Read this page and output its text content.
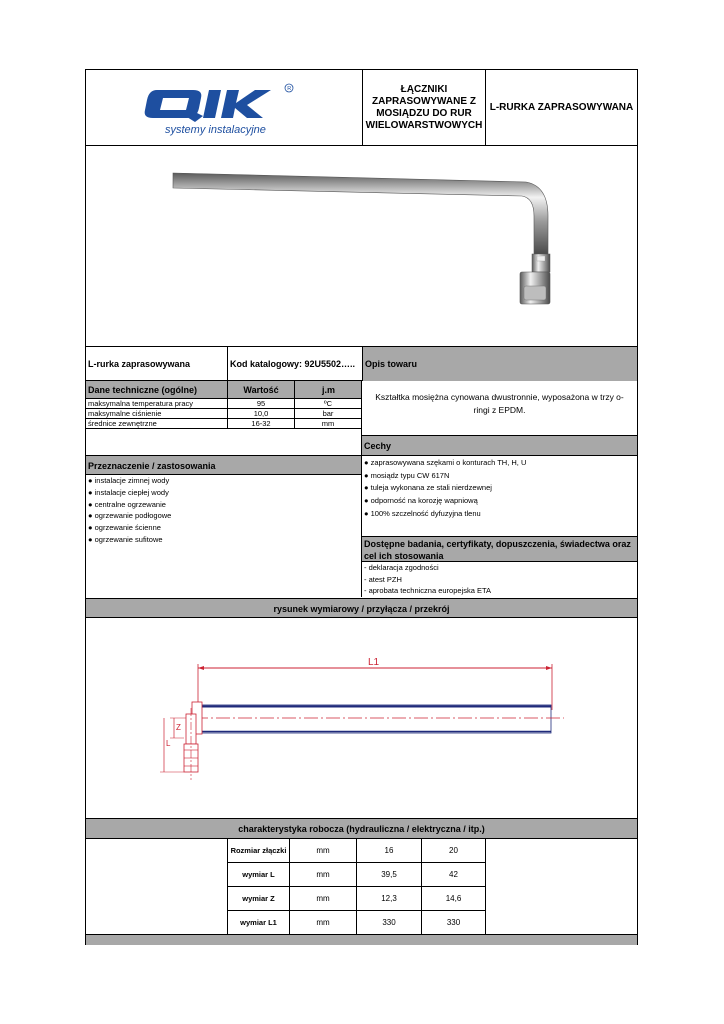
R
systemy instalacyjne
ŁĄCZNIKI ZAPRASOWYWANE Z MOSIĄDZU DO RUR WIELOWARSTWOWYCH
L-RURKA ZAPRASOWYWANA
L-rurka zaprasowywana	Kod katalogowy: 92U5502…..	Opis towaru
Dane techniczne (ogólne)	Wartość	j.m
maksymalna temperatura pracy	95	ºC
maksymalne ciśnienie	10,0	bar
średnice zewnętrzne	16-32	mm
Kształtka mosiężna cynowana dwustronnie, wyposażona w trzy o-ringi z EPDM.
Cechy
● zaprasowywana szękami o konturach TH, H, U
● mosiądz typu CW 617N
● tuleja wykonana ze stali nierdzewnej
● odporność na korozję wapniową
● 100% szczelność dyfuzyjna tlenu
Przeznaczenie / zastosowania
● instalacje zimnej wody
● instalacje ciepłej wody
● centralne ogrzewanie
● ogrzewanie podłogowe
● ogrzewanie ścienne
● ogrzewanie sufitowe	Dostępne badania, certyfikaty, dopuszczenia, świadectwa oraz cel ich stosowania
- deklaracja zgodności
- atest PZH
- aprobata techniczna europejska ETA
rysunek wymiarowy / przyłącza / przekrój
Z
L
L1
charakterystyka robocza (hydrauliczna / elektryczna / itp.)
Rozmiar złączki	mm	16	20
wymiar L	mm	39,5	42
wymiar Z	mm	12,3	14,6
wymiar L1	mm	330	330
